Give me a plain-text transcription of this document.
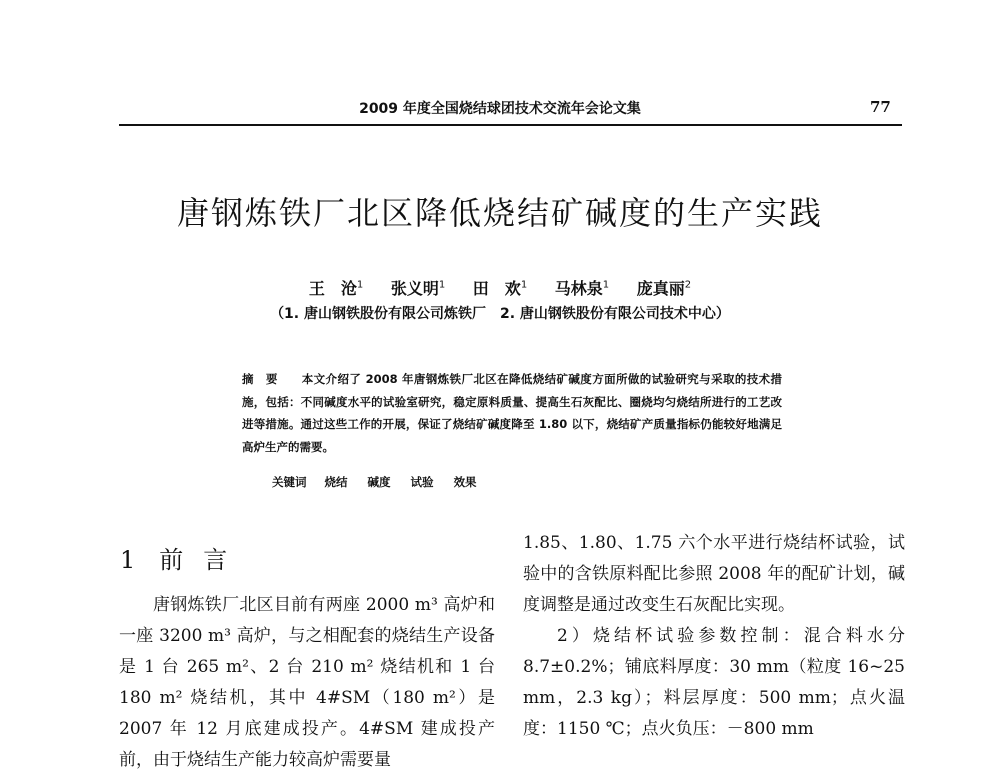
2009 年度全国烧结球团技术交流年会论文集	77
唐钢炼铁厂北区降低烧结矿碱度的生产实践
王　沧$^1$ 张义明$^1$ 田　欢$^1$ 马林泉$^1$ 庞真丽$^2$
（1. 唐山钢铁股份有限公司炼铁厂　2. 唐山钢铁股份有限公司技术中心）
摘要 本文介绍了 2008 年唐钢炼铁厂北区在降低烧结矿碱度方面所做的试验研究与采取的技术措施，包括：不同碱度水平的试验室研究，稳定原料质量、提高生石灰配比、圈烧均匀烧结所进行的工艺改进等措施。通过这些工作的开展，保证了烧结矿碱度降至 1.80 以下，烧结矿产质量指标仍能较好地满足高炉生产的需要。
关键词 烧结 碱度 试验 效果
1 前言

唐钢炼铁厂北区目前有两座 2000 m³ 高炉和一座 3200 m³ 高炉，与之相配套的烧结生产设备是 1 台 265 m²、2 台 210 m² 烧结机和 1 台 180 m² 烧结机，其中 4#SM（180 m²）是 2007 年 12 月底建成投产。4#SM 建成投产前，由于烧结生产能力较高炉需要量

1.85、1.80、1.75 六个水平进行烧结杯试验，试验中的含铁原料配比参照 2008 年的配矿计划，碱度调整是通过改变生石灰配比实现。

2）烧结杯试验参数控制：混合料水分 8.7±0.2%；铺底料厚度：30 mm（粒度 16~25 mm，2.3 kg）；料层厚度：500 mm；点火温度：1150 ℃；点火负压：－800 mm
